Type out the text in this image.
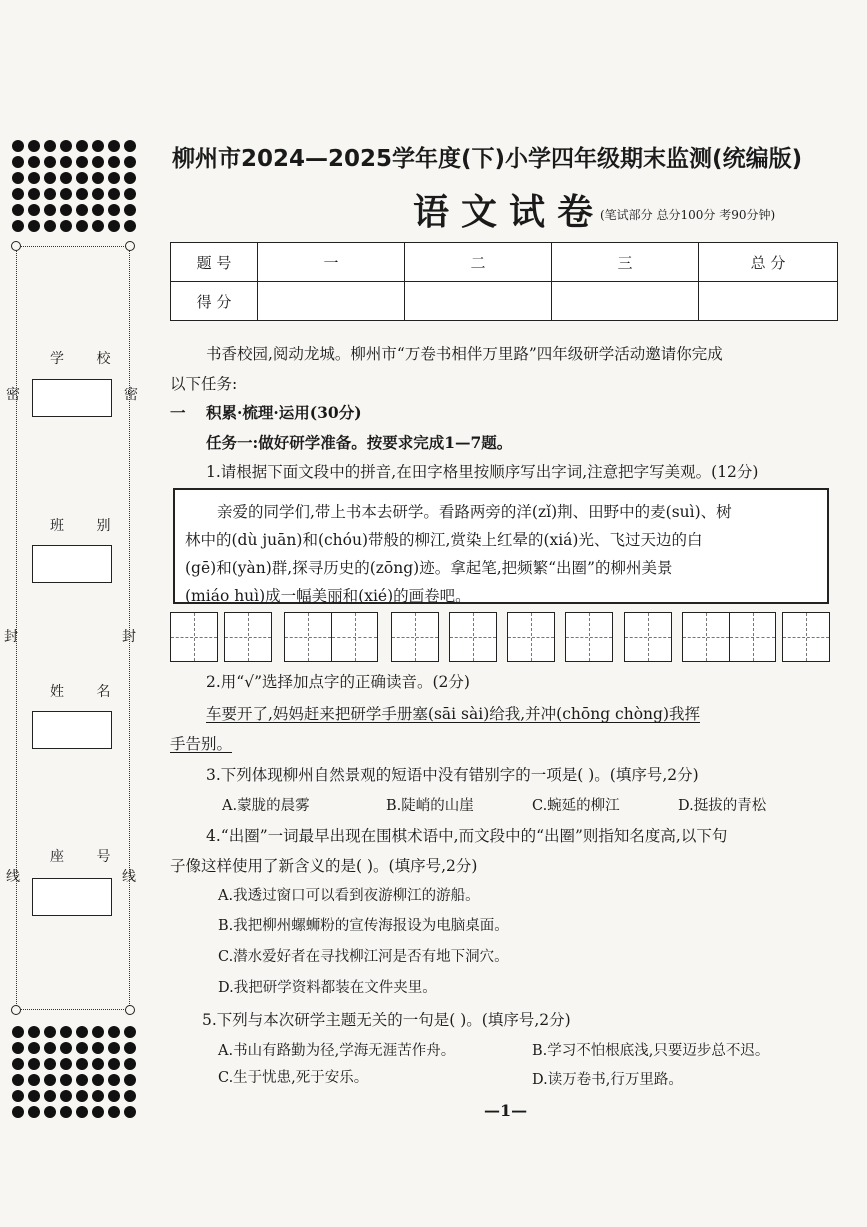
学 校
密	密
班 别
封	封
姓 名
座 号
线	线
柳州市2024—2025学年度(下)小学四年级期末监测(统编版)
语文试卷
(笔试部分 总分100分 考90分钟)
题 号	一	二	三	总 分
得 分				
书香校园,阅动龙城。柳州市“万卷书相伴万里路”四年级研学活动邀请你完成
以下任务:
一 积累·梳理·运用(30分)
任务一:做好研学准备。按要求完成1—7题。
1.请根据下面文段中的拼音,在田字格里按顺序写出字词,注意把字写美观。(12分)

亲爱的同学们,带上书本去研学。看路两旁的洋(zǐ)荆、田野中的麦(suì)、树

林中的(dù juān)和(chóu)带般的柳江,赏染上红晕的(xiá)光、飞过天边的白

(gē)和(yàn)群,探寻历史的(zōng)迹。拿起笔,把频繁“出圈”的柳州美景

(miáo huì)成一幅美丽和(xié)的画卷吧。

2.用“√”选择加点字的正确读音。(2分)
车要开了,妈妈赶来把研学手册塞(sāi sài)给我,并冲(chōng chòng)我挥
手告别。
3.下列体现柳州自然景观的短语中没有错别字的一项是( )。(填序号,2分)
A.蒙胧的晨雾	B.陡峭的山崖	C.蜿延的柳江	D.挺拔的青松
4.“出圈”一词最早出现在围棋术语中,而文段中的“出圈”则指知名度高,以下句
子像这样使用了新含义的是( )。(填序号,2分)
A.我透过窗口可以看到夜游柳江的游船。
B.我把柳州螺蛳粉的宣传海报设为电脑桌面。
C.潜水爱好者在寻找柳江河是否有地下洞穴。
D.我把研学资料都装在文件夹里。
5.下列与本次研学主题无关的一句是( )。(填序号,2分)
A.书山有路勤为径,学海无涯苦作舟。	B.学习不怕根底浅,只要迈步总不迟。
C.生于忧患,死于安乐。	D.读万卷书,行万里路。
—1—
